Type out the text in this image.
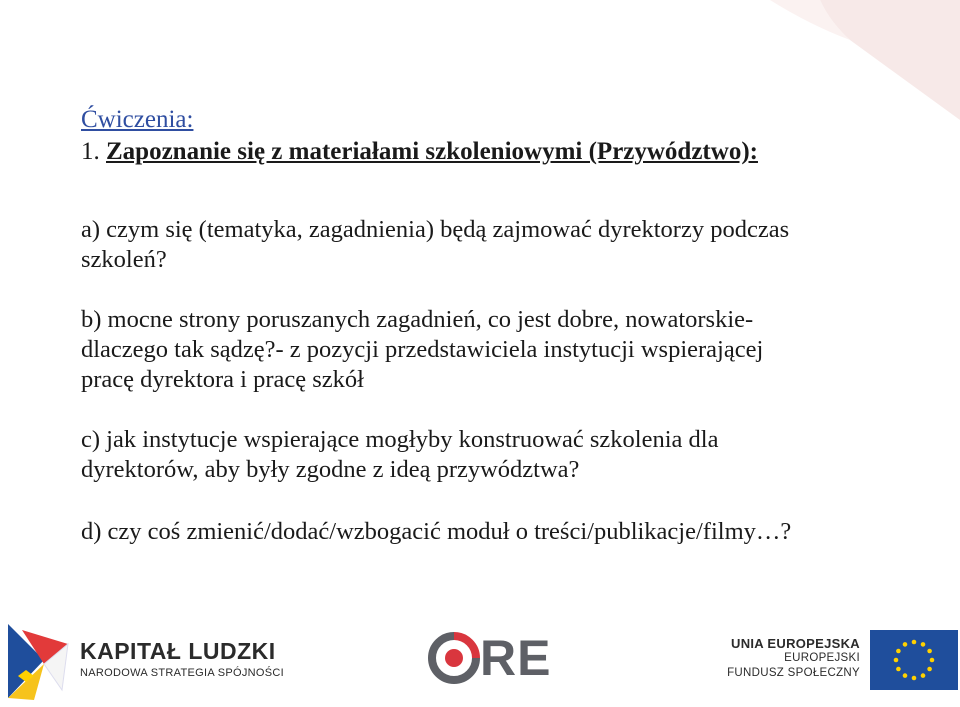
Ćwiczenia:
1. Zapoznanie się z materiałami szkoleniowymi (Przywództwo):

a) czym się (tematyka, zagadnienia) będą zajmować dyrektorzy podczas
szkoleń?

b) mocne strony poruszanych zagadnień, co jest dobre, nowatorskie-
dlaczego tak sądzę?- z pozycji przedstawiciela instytucji wspierającej
pracę dyrektora i pracę szkół

c) jak instytucje wspierające mogłyby konstruować szkolenia dla
dyrektorów, aby były zgodne z ideą przywództwa?

d) czy coś zmienić/dodać/wzbogacić moduł o treści/publikacje/filmy…?

KAPITAŁ LUDZKI
NARODOWA STRATEGIA SPÓJNOŚCI	RE	UNIA EUROPEJSKA
EUROPEJSKI
FUNDUSZ SPOŁECZNY
